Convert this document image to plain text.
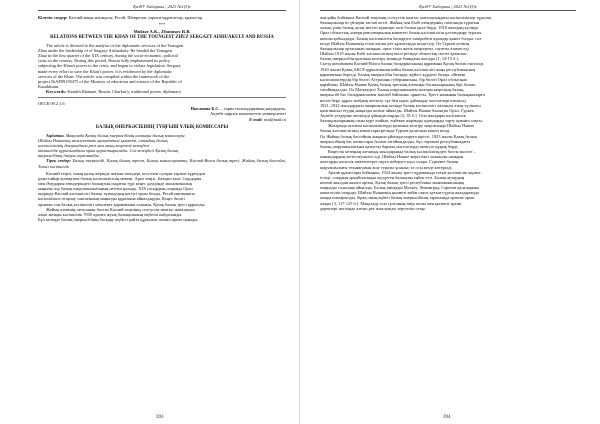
ҚазҰУ Хабаршы | 2023 №1(5)е

Кілттік сөздер: Каспий маңы жылқысы, Ресей, Шеврозов, тарихи мұрағаттар, құжаттар.

***
Muktar A.K., Zhunusov R.B.
RELATIONS BETWEEN THE KHAN OF THE YOUNGEST ZHUZ SERGAZY AISHUAKULY AND RUSSIA
The article is devoted to the analysis of the diplomatic services of the Youngest
Zhuz under the leadership of of Sergazy Aishuakuly. He headed the Youngest
Zhuz in the first quarter of the XIX century, during the socio-economic, political
crisis in the country. During this period, Russia fully implemented its policy,
subjecting the Khan's power to the crisis, and began to violate legislation. Sergazy
made every effort to save the Khan's power. It is evidenced by the diplomatic
services of the Khan. The article was compiled within the framework of the
project №AP09158475 of the Ministry of education and science of the Republic of
Kazakhstan.

Keywords: Kazakh Khanate, Russia, Charkas'y, traditional power, diplomacy

ОЕСК 09.2.1.6
Нысанова Б.С. – тарих ғылымдарының кандидаты,
Ақтөбе өңірлік мемлекеттік университеті
E-mail: nsn@mail.ru
БАЛЫҚ ӨНЕРКӘСІБІНІҢ ТҮҢҒЫШ ҰЛЫҚ КОМИССАРЫ
Аңдатпа. Мақалада Қазақ балық өнеркәсібінің алғашқы балық комиссары
Шайхы Нәшкенің мемлекеттік қызметтегі қызметі, отандық балық
кәсіпшілігінің дамуындағы рөлі мен оның кеңестік кезеңдегі
әкімшілдік құрылымдағы орны қарастырылады. Сол кезеңдегі Қазақ балық
өнеркәсібінің дамуы сараланады.

Тірек сөздер: Балық өнеркәсібі, Қазақ балық трест, Балық комиссариаты, Каспий-Волга балық тресі, Жайық балық бассейні, Тоғыз кәсіпшілік.

Каспий теңізі, оның қазақ жерінде ағатын өзендері, көл-өзен сулары тарихи тұрғыдан
ұлан-ғайыр аумақтағы балық кәсіпшілігінің мекені. Арал теңізі, Балқаш көлі, Сырдария
мен Әмудария өзендеріндегі балықтың ондаған түрі кеңес дәуірінде экономикалық
маңызы зор балық шаруашылығының негізін қалады. XIX ғасырдың соңында Орал
өңірінде Каспий кәсіпшілігі балық тұтынудың негізгі орны болды, Ресей империясы
кәсіпшілікті отарлау саясатының маңызды құралына айналдырды. Кеңес билігі
орнаған соң балық кәсіпшілігі мемлекет қарамағына алынып, Қазақ балық тресі құрылды.
Жайық өзенінің сағасынан бастап Каспий теңізінің солтүстік-шығыс жағалауын
алып жатқан кәсіпшілік 7000 адамға жуық балықшының еңбегін пайдаланды.
Бұл кезеңде балық өнеркәсібінің басқару жүйесі қайта құрылып, комиссариат орнады.
393
ҚазҰУ Хабаршы | 2023 №1(5)е
жағдайы бойынша Каспий теңізінің солтүстік шығыс жағалауындағы кәсіпшіліктер тұралап,
балықшылар өз үйлерін тастап кетті. Жайық пен Ембі өзендерінің сағасында тұратын
халық үшін балық аулау негізгі күнкөріс көзі болып қала берді. 1918 жылдың күзінде
Орал облыстық әскери революциялық комитеті балық кәсіпшілігін ұлттандыру туралы
шешім қабылдады. Балық кәсіпшілігін басқаруға тәжірибелі адамдар қажет болды, сол
кезде Шайхы Нәшкенің есімі алғаш рет құжаттарда кездеседі. Ол Гурьев уезінің
балықшылар ортасынан шыққан, орыс тілін жетік меңгерген, сауатты азамат еді.
Шайхы 1919 жылы Ембі кәсіпшілігінің өкілі ретінде облыстық съезге қатысып,
балық өнеркәсібін қалпына келтіру жөнінде баяндама жасады [1, 14-15 б.].
Съезд шешімімен Каспий-Волга балық басқармасының құрамына Қазақ бөлімі енгізілді.
1920 жылы Қазақ АКСР құрылғаннан кейін балық кәсіпшілігі жаңа республиканың
қарамағына берілді. Балық өнеркәсібін басқару жүйесі күрделі болды, өйткені
кәсіпшіліктердің бір бөлігі Астрахань губерниясына, бір бөлігі Орал облысына
қарайтын. Шайхы Нәшке Қазақ балық тресінің алғашқы басшыларының бірі болып
тағайындалды. Ол Мәскеудегі Халық шаруашылығы жоғары кеңесінің балық
өнеркәсібі бас басқармасымен тікелей байланыс орнатты. Трест жанынан балықшыларға
несие беру, құрал-жабдық жеткізу, тұз бен ыдыс дайындау мәселелері шешілді.
1921–1922 жылдардағы ашаршылық кезінде балық кәсіпшілігі халықты азық-түлікпен
қамтамасыз етудің маңызды көзіне айналды. Шайхы Нәшке балықты Орал, Гурьев,
Ақтөбе уездеріне жеткізуді ұйымдастырды [2, 35 б.]. Осы жылдары кәсіпшілік
балықшыларының саны күрт азайып, еңбекке жарамды адамдарды тарту қиынға соқты.
Жоғарыда аталған кәсіпшіліктерді қалпына келтіру мақсатында Шайхы Нәшке
балық кәсіпшілігінің комиссары ретінде Гурьев қаласына көшіп келді.
Ол Жайық балық бассейнін жаңаша ұйымдастыруға кірісті. 1923 жылы Қазақ балық
өнеркәсібінің бас комиссары болып тағайындалды, бұл лауазым республикадағы
балық шаруашылығына қатысты барлық мәселелерді шешуге құқық берді.
Кеңестік кезеңнің алғашқы жылдарында балық кәсіпшілігіндегі басты мәселе –
мамандардың жетіспеушілігі еді. Шайхы Нәшке жергілікті халықтан шыққан
жастарды кәсіптік мектептерге оқуға жіберуге күш салды. Гурьевте балық
шаруашылығы техникумын ашу туралы ұсыныс та осы кезде көтерілді.
Архив құжаттары бойынша, 1924 жылы трест құрамында тоғыз кәсіпшілік жұмыс
істеді, олардың әрқайсысында жүздеген балықшы еңбек етті. Балық аулаудың
көлемі жылдан жылға артып, Қазақ балық тресі республика экономикасының
маңызды саласына айналды. Балық өнімдері Мәскеу, Ленинград, Саратов қалаларына
жөнелтіліп отырды. Шайхы Нәшкенің қызметі кейін саяси қуғын-сүргін жылдарында
жоққа шығарылды, бірақ оның еңбегі балық өнеркәсібінің тарихында ерекше орын
алады [3, 117-125 б.]. Мақалада осы тұлғаның өмір жолы мен қызметі архив
деректері негізінде алғаш рет жан-жақты зерттеліп отыр.
394
